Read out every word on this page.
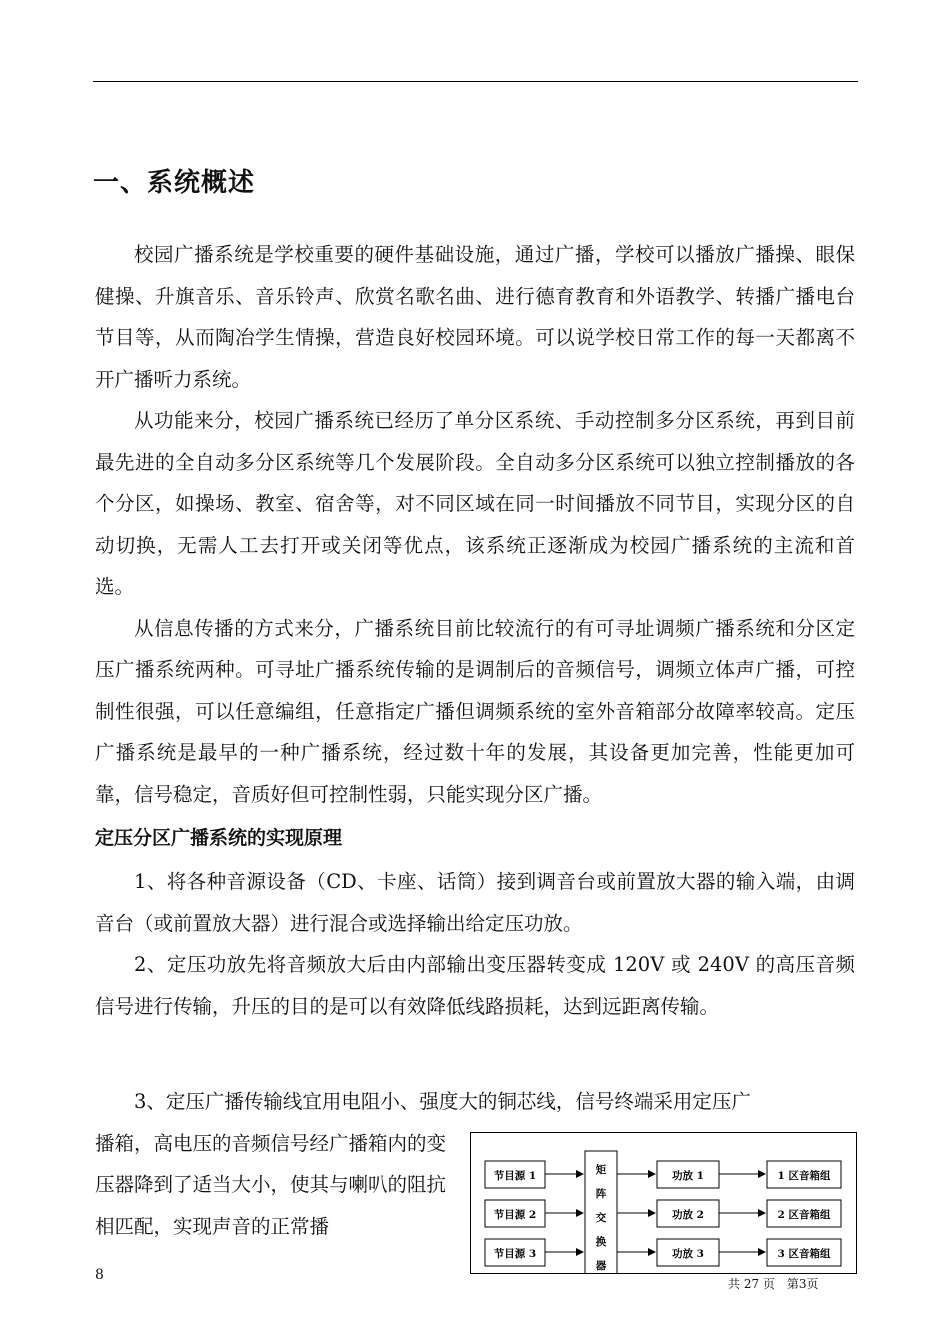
一、系统概述

校园广播系统是学校重要的硬件基础设施，通过广播，学校可以播放广播操、眼保健操、升旗音乐、音乐铃声、欣赏名歌名曲、进行德育教育和外语教学、转播广播电台节目等，从而陶冶学生情操，营造良好校园环境。可以说学校日常工作的每一天都离不开广播听力系统。

从功能来分，校园广播系统已经历了单分区系统、手动控制多分区系统，再到目前最先进的全自动多分区系统等几个发展阶段。全自动多分区系统可以独立控制播放的各个分区，如操场、教室、宿舍等，对不同区域在同一时间播放不同节目，实现分区的自动切换，无需人工去打开或关闭等优点，该系统正逐渐成为校园广播系统的主流和首选。

从信息传播的方式来分，广播系统目前比较流行的有可寻址调频广播系统和分区定压广播系统两种。可寻址广播系统传输的是调制后的音频信号，调频立体声广播，可控制性很强，可以任意编组，任意指定广播但调频系统的室外音箱部分故障率较高。定压广播系统是最早的一种广播系统，经过数十年的发展，其设备更加完善，性能更加可靠，信号稳定，音质好但可控制性弱，只能实现分区广播。

定压分区广播系统的实现原理

1、将各种音源设备（CD、卡座、话筒）接到调音台或前置放大器的输入端，由调音台（或前置放大器）进行混合或选择输出给定压功放。

2、定压功放先将音频放大后由内部输出变压器转变成 120V 或 240V 的高压音频信号进行传输，升压的目的是可以有效降低线路损耗，达到远距离传输。

3、定压广播传输线宜用电阻小、强度大的铜芯线，信号终端采用定压广

播箱，高电压的音频信号经广播箱内的变压器降到了适当大小，使其与喇叭的阻抗相匹配，实现声音的正常播

节目源 1
节目源 2
节目源 3
矩阵交换器
功放 1
功放 2
功放 3
1 区音箱组
2 区音箱组
3 区音箱组
8
共 27 页 第3页
